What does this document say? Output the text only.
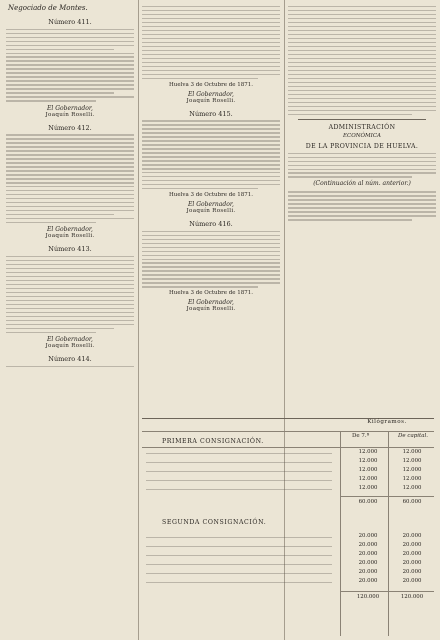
Negociado de Montes.
Número 411.
El Gobernador,
Joaquín Roselli.
Número 412.
El Gobernador,
Joaquín Roselli.
Número 413.
El Gobernador,
Joaquín Roselli.
Número 414.
Huelva 3 de Octubre de 1871.
El Gobernador,
Joaquín Roselli.
Número 415.
Huelva 3 de Octubre de 1871.
El Gobernador,
Joaquín Roselli.
Número 416.
Huelva 3 de Octubre de 1871.
El Gobernador,
Joaquín Roselli.
ADMINISTRACIÓN
ECONÓMICA
DE LA PROVINCIA DE HUELVA.
(Continuación al núm. anterior.)
Kilógramos.
PRIMERA CONSIGNACIÓN.
De 7.ª	De capital.
12.000	12.000
12.000	12.000
12.000	12.000
12.000	12.000
12.000	12.000
60.000	60.000
SEGUNDA CONSIGNACIÓN.
20.000	20.000
20.000	20.000
20.000	20.000
20.000	20.000
20.000	20.000
20.000	20.000
120.000	120.000
